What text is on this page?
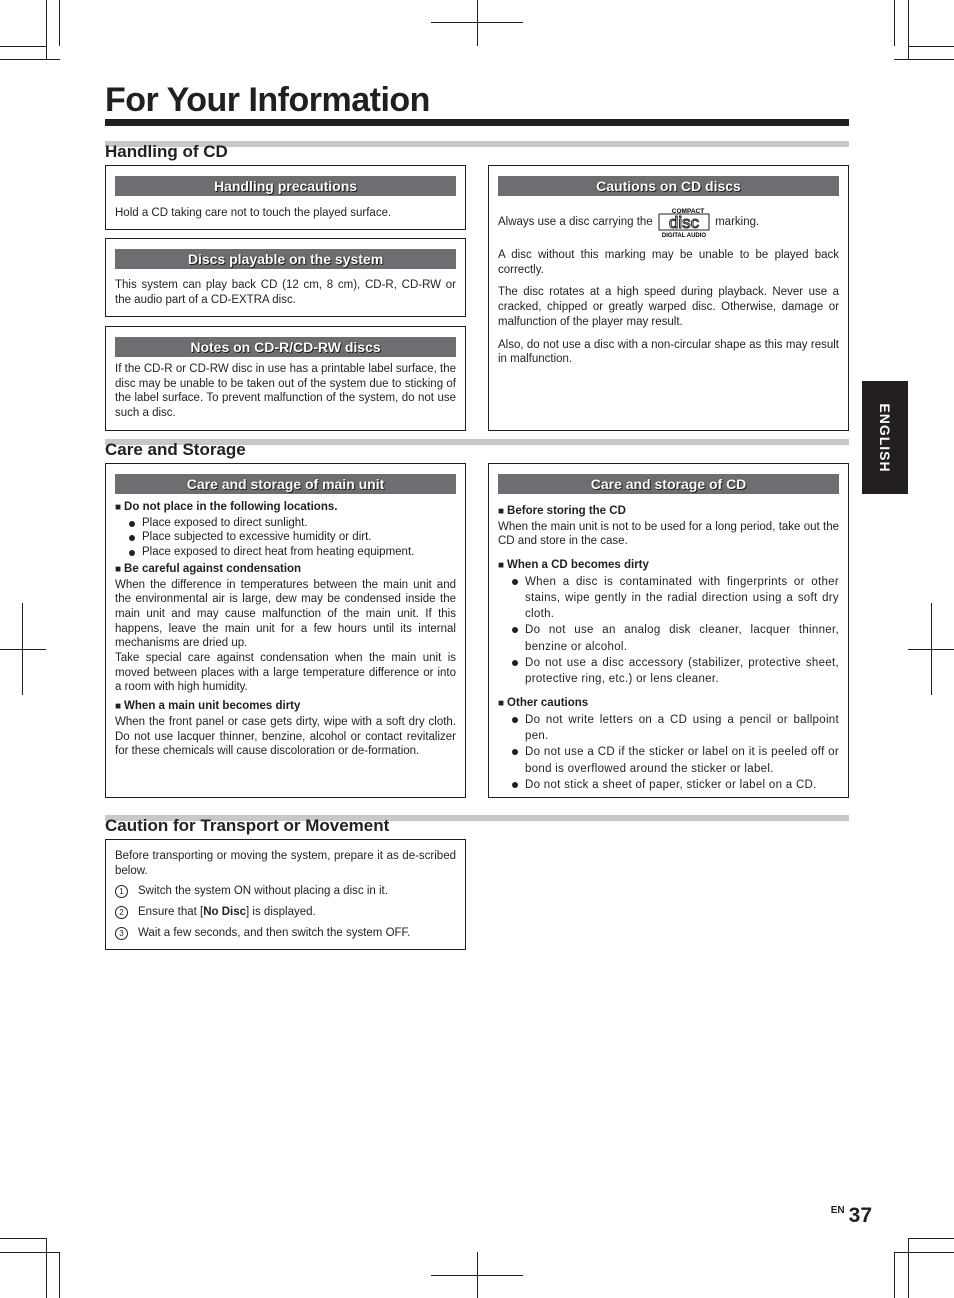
For Your Information
ENGLISH
Handling of CD
Handling precautions
Hold a CD taking care not to touch the played surface.
Discs playable on the system
This system can play back CD (12 cm, 8 cm), CD-R, CD-RW or the audio part of a CD-EXTRA disc.
Notes on CD-R/CD-RW discs
If the CD-R or CD-RW disc in use has a printable label surface, the disc may be unable to be taken out of the system due to sticking of the label surface. To prevent malfunction of the system, do not use such a disc.
Cautions on CD discs

Always use a disc carrying the
COMPACT
disc
DIGITAL AUDIO
marking.

A disc without this marking may be unable to be played back correctly.

The disc rotates at a high speed during playback. Never use a cracked, chipped or greatly warped disc. Otherwise, damage or malfunction of the player may result.

Also, do not use a disc with a non-circular shape as this may result in malfunction.

Care and Storage
Care and storage of main unit
■ Do not place in the following locations.
Place exposed to direct sunlight.
Place subjected to excessive humidity or dirt.
Place exposed to direct heat from heating equipment.
■ Be careful against condensation

When the difference in temperatures between the main unit and the environmental air is large, dew may be condensed inside the main unit and may cause malfunction of the main unit. If this happens, leave the main unit for a few hours until its internal mechanisms are dried up.

Take special care against condensation when the main unit is moved between places with a large temperature difference or into a room with high humidity.

■ When a main unit becomes dirty

When the front panel or case gets dirty, wipe with a soft dry cloth. Do not use lacquer thinner, benzine, alcohol or contact revitalizer for these chemicals will cause discoloration or de-formation.

Care and storage of CD
■ Before storing the CD

When the main unit is not to be used for a long period, take out the CD and store in the case.

■ When a CD becomes dirty
When a disc is contaminated with fingerprints or other stains, wipe gently in the radial direction using a soft dry cloth.
Do not use an analog disk cleaner, lacquer thinner, benzine or alcohol.
Do not use a disc accessory (stabilizer, protective sheet, protective ring, etc.) or lens cleaner.
■ Other cautions
Do not write letters on a CD using a pencil or ballpoint pen.
Do not use a CD if the sticker or label on it is peeled off or bond is overflowed around the sticker or label.
Do not stick a sheet of paper, sticker or label on a CD.
Caution for Transport or Movement

Before transporting or moving the system, prepare it as de-scribed below.

1	Switch the system ON without placing a disc in it.
2	Ensure that [No Disc] is displayed.
3	Wait a few seconds, and then switch the system OFF.
$^{EN}$ 37
